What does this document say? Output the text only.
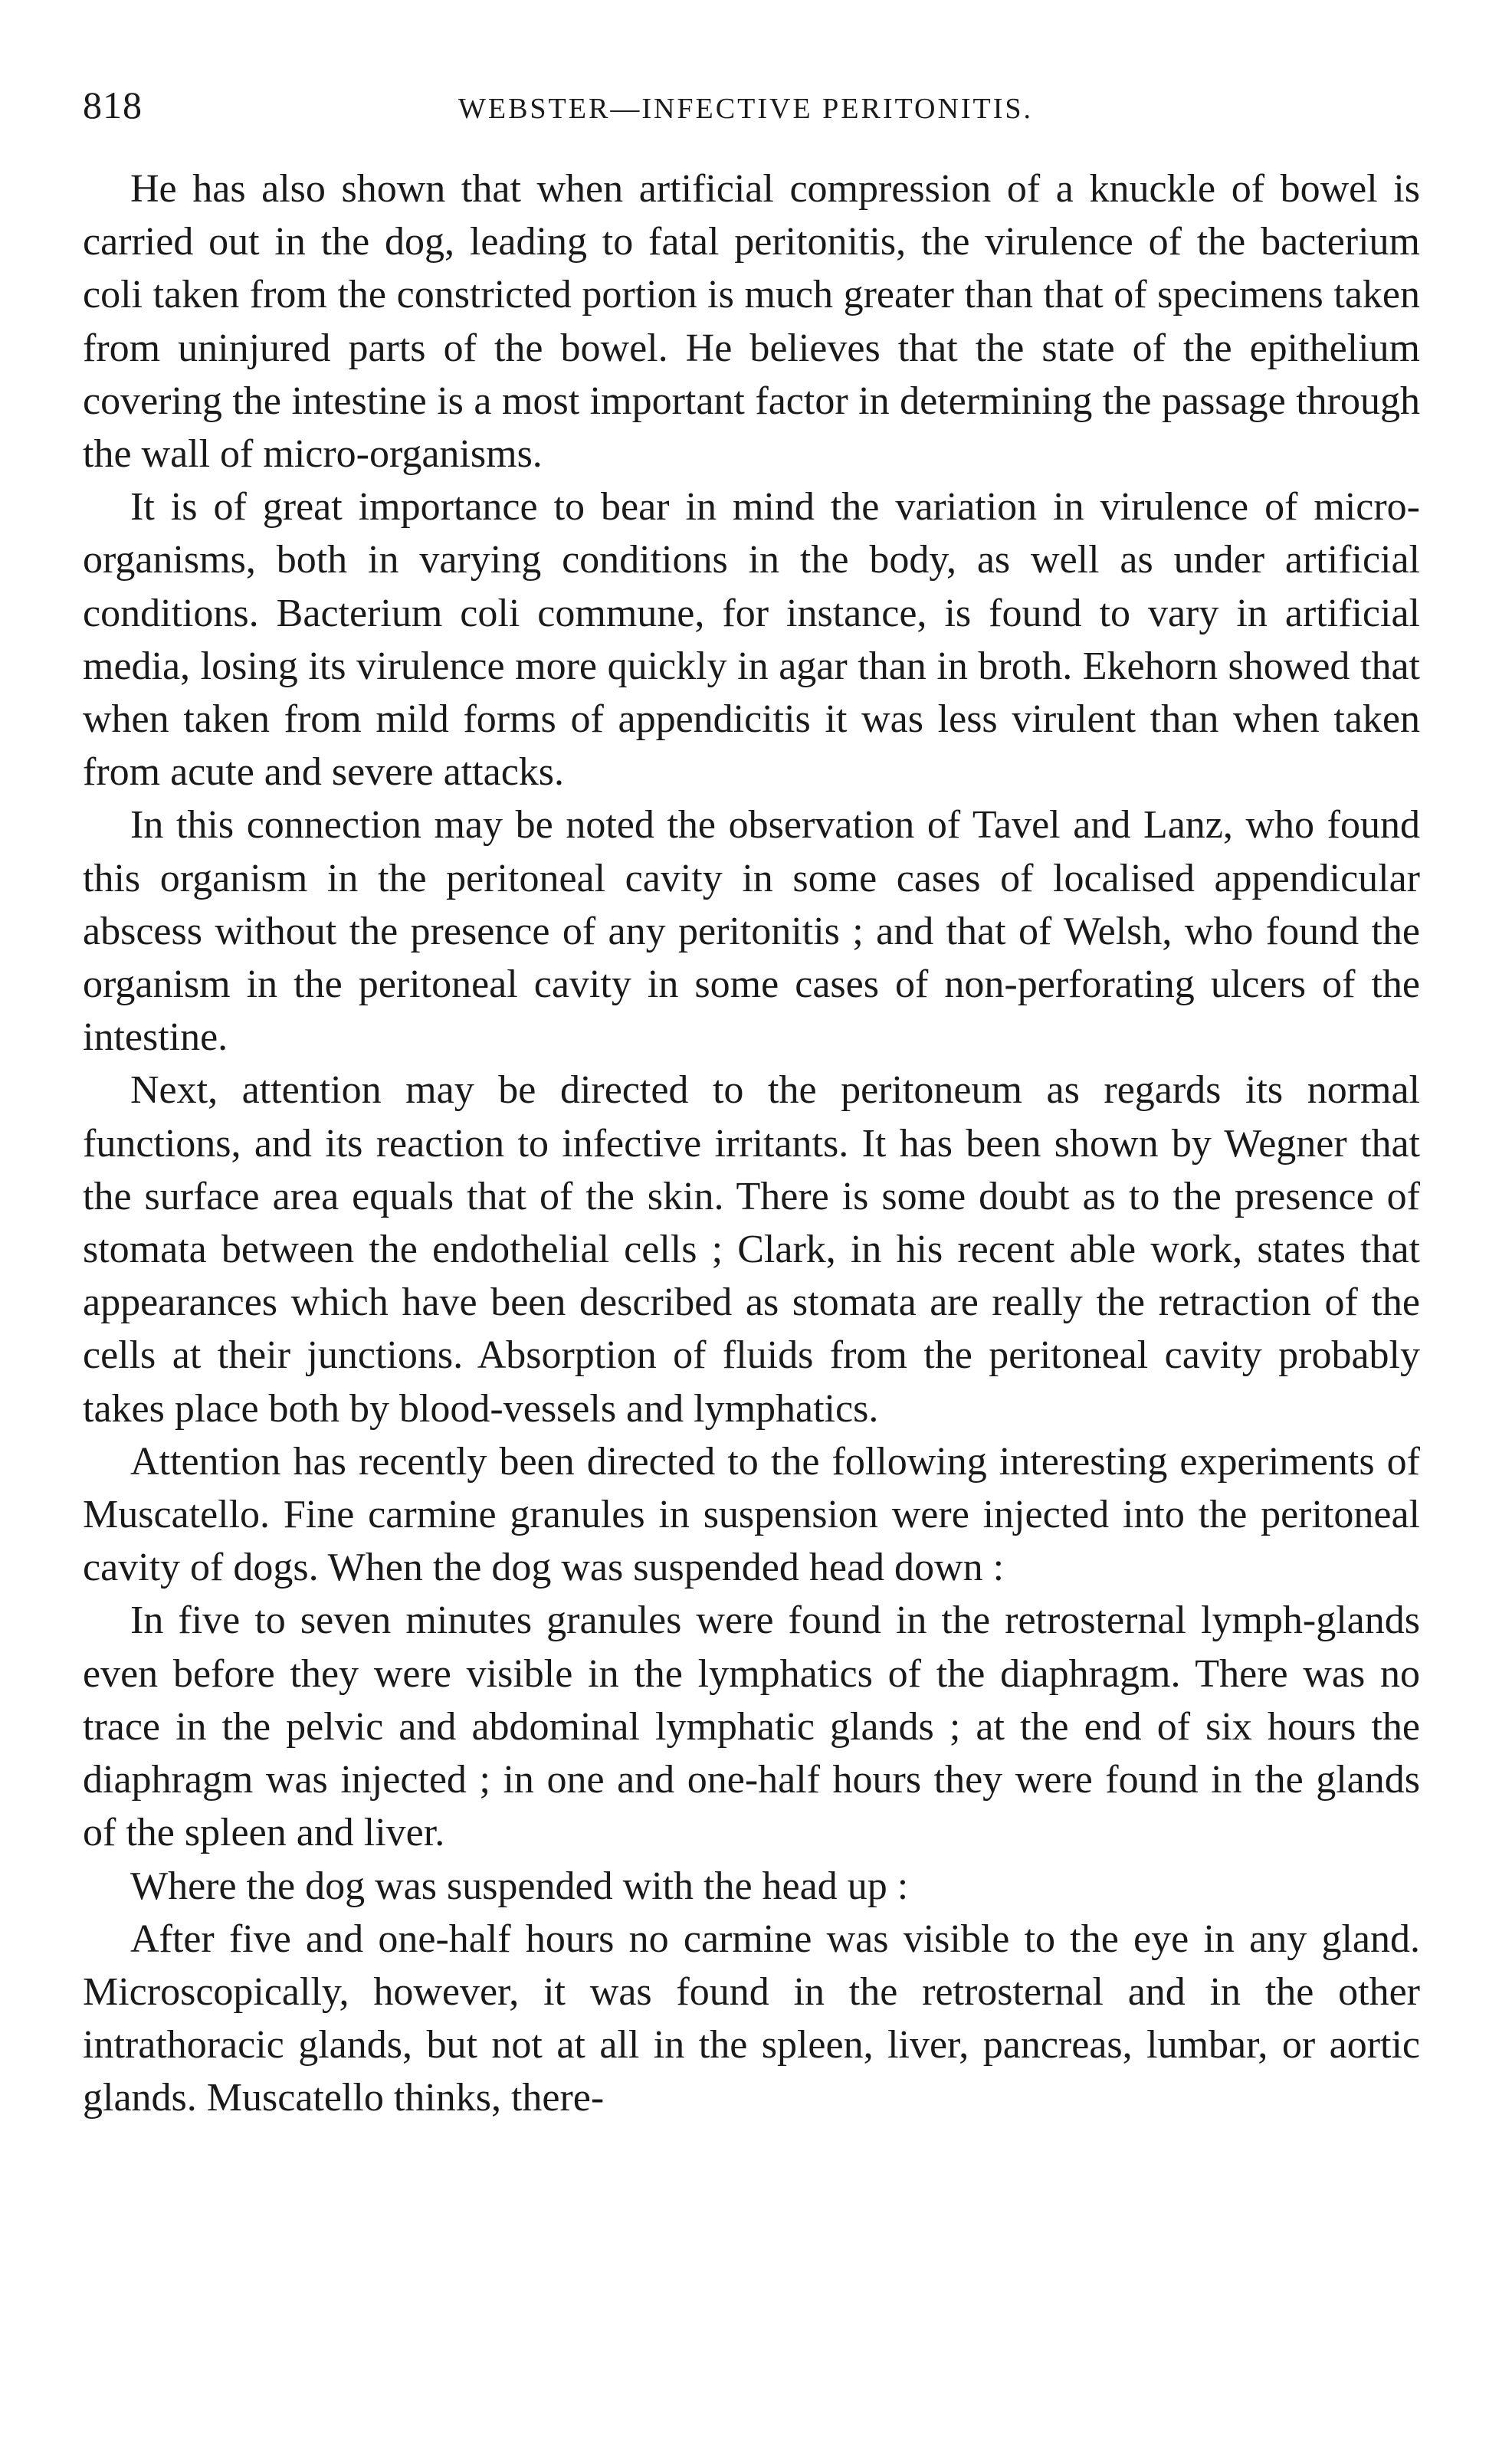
818	WEBSTER—INFECTIVE PERITONITIS.

He has also shown that when artificial compression of a knuckle of bowel is carried out in the dog, leading to fatal peritonitis, the virulence of the bacterium coli taken from the constricted portion is much greater than that of specimens taken from uninjured parts of the bowel. He believes that the state of the epithelium covering the intestine is a most important factor in determining the passage through the wall of micro-organisms.

It is of great importance to bear in mind the variation in virulence of micro-organisms, both in varying conditions in the body, as well as under artificial conditions. Bacterium coli commune, for instance, is found to vary in artificial media, losing its virulence more quickly in agar than in broth. Ekehorn showed that when taken from mild forms of appendicitis it was less virulent than when taken from acute and severe attacks.

In this connection may be noted the observation of Tavel and Lanz, who found this organism in the peritoneal cavity in some cases of localised appendicular abscess without the presence of any peritonitis ; and that of Welsh, who found the organism in the peritoneal cavity in some cases of non-perforating ulcers of the intestine.

Next, attention may be directed to the peritoneum as regards its normal functions, and its reaction to infective irritants. It has been shown by Wegner that the surface area equals that of the skin. There is some doubt as to the presence of stomata between the endothelial cells ; Clark, in his recent able work, states that appearances which have been described as stomata are really the retraction of the cells at their junctions. Absorption of fluids from the peritoneal cavity probably takes place both by blood-vessels and lymphatics.

Attention has recently been directed to the following interesting experiments of Muscatello. Fine carmine granules in suspension were injected into the peritoneal cavity of dogs. When the dog was suspended head down :

In five to seven minutes granules were found in the retrosternal lymph-glands even before they were visible in the lymphatics of the diaphragm. There was no trace in the pelvic and abdominal lymphatic glands ; at the end of six hours the diaphragm was injected ; in one and one-half hours they were found in the glands of the spleen and liver.

Where the dog was suspended with the head up :

After five and one-half hours no carmine was visible to the eye in any gland. Microscopically, however, it was found in the retrosternal and in the other intrathoracic glands, but not at all in the spleen, liver, pancreas, lumbar, or aortic glands. Muscatello thinks, there-
